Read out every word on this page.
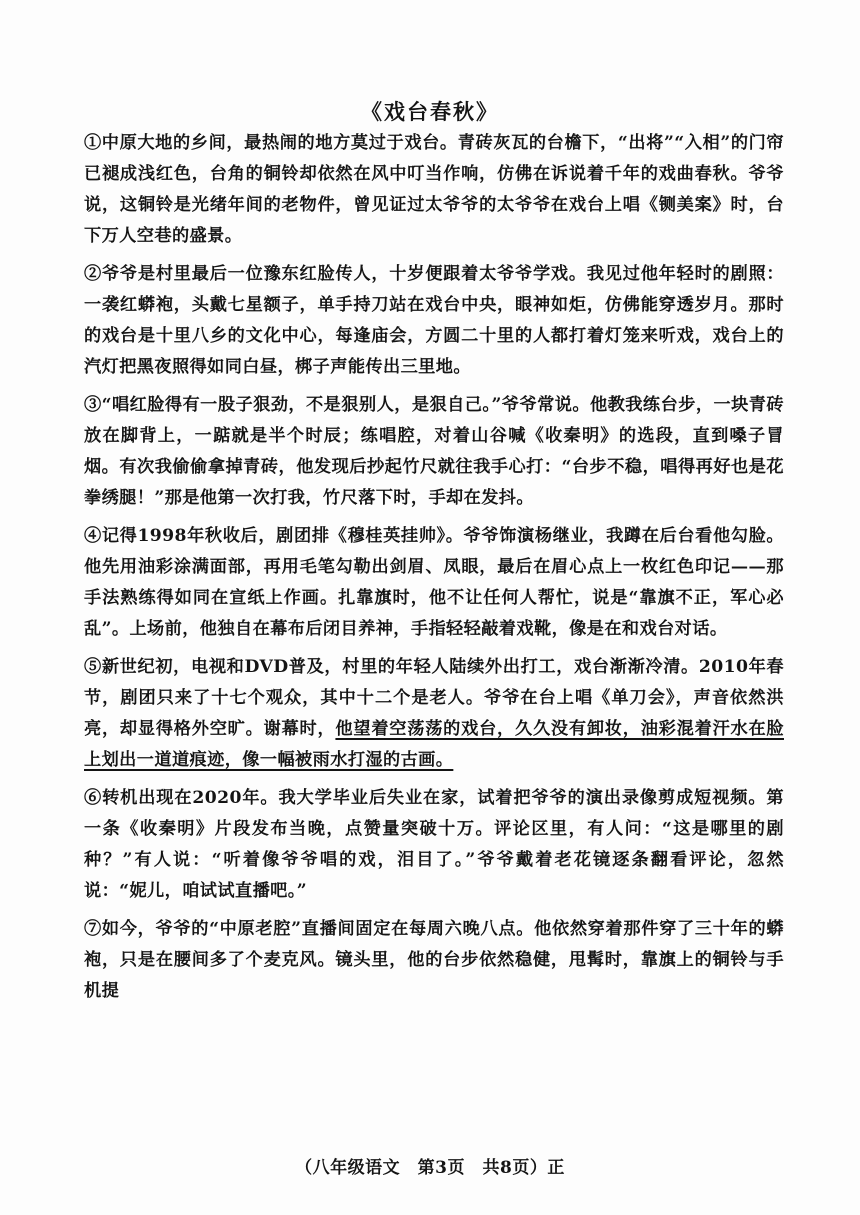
《戏台春秋》

①中原大地的乡间，最热闹的地方莫过于戏台。青砖灰瓦的台檐下，“出将”“入相”的门帘已褪成浅红色，台角的铜铃却依然在风中叮当作响，仿佛在诉说着千年的戏曲春秋。爷爷说，这铜铃是光绪年间的老物件，曾见证过太爷爷的太爷爷在戏台上唱《铡美案》时，台下万人空巷的盛景。

②爷爷是村里最后一位豫东红脸传人，十岁便跟着太爷爷学戏。我见过他年轻时的剧照：一袭红蟒袍，头戴七星额子，单手持刀站在戏台中央，眼神如炬，仿佛能穿透岁月。那时的戏台是十里八乡的文化中心，每逢庙会，方圆二十里的人都打着灯笼来听戏，戏台上的汽灯把黑夜照得如同白昼，梆子声能传出三里地。

③“唱红脸得有一股子狠劲，不是狠别人，是狠自己。”爷爷常说。他教我练台步，一块青砖放在脚背上，一踮就是半个时辰；练唱腔，对着山谷喊《收秦明》的选段，直到嗓子冒烟。有次我偷偷拿掉青砖，他发现后抄起竹尺就往我手心打：“台步不稳，唱得再好也是花拳绣腿！”那是他第一次打我，竹尺落下时，手却在发抖。

④记得1998年秋收后，剧团排《穆桂英挂帅》。爷爷饰演杨继业，我蹲在后台看他勾脸。他先用油彩涂满面部，再用毛笔勾勒出剑眉、凤眼，最后在眉心点上一枚红色印记——那手法熟练得如同在宣纸上作画。扎靠旗时，他不让任何人帮忙，说是“靠旗不正，军心必乱”。上场前，他独自在幕布后闭目养神，手指轻轻敲着戏靴，像是在和戏台对话。

⑤新世纪初，电视和DVD普及，村里的年轻人陆续外出打工，戏台渐渐冷清。2010年春节，剧团只来了十七个观众，其中十二个是老人。爷爷在台上唱《单刀会》，声音依然洪亮，却显得格外空旷。谢幕时，他望着空荡荡的戏台，久久没有卸妆，油彩混着汗水在脸上划出一道道痕迹，像一幅被雨水打湿的古画。

⑥转机出现在2020年。我大学毕业后失业在家，试着把爷爷的演出录像剪成短视频。第一条《收秦明》片段发布当晚，点赞量突破十万。评论区里，有人问：“这是哪里的剧种？”有人说：“听着像爷爷唱的戏，泪目了。”爷爷戴着老花镜逐条翻看评论，忽然说：“妮儿，咱试试直播吧。”

⑦如今，爷爷的“中原老腔”直播间固定在每周六晚八点。他依然穿着那件穿了三十年的蟒袍，只是在腰间多了个麦克风。镜头里，他的台步依然稳健，甩髯时，靠旗上的铜铃与手机提

（八年级语文　第3页　共8页）正
